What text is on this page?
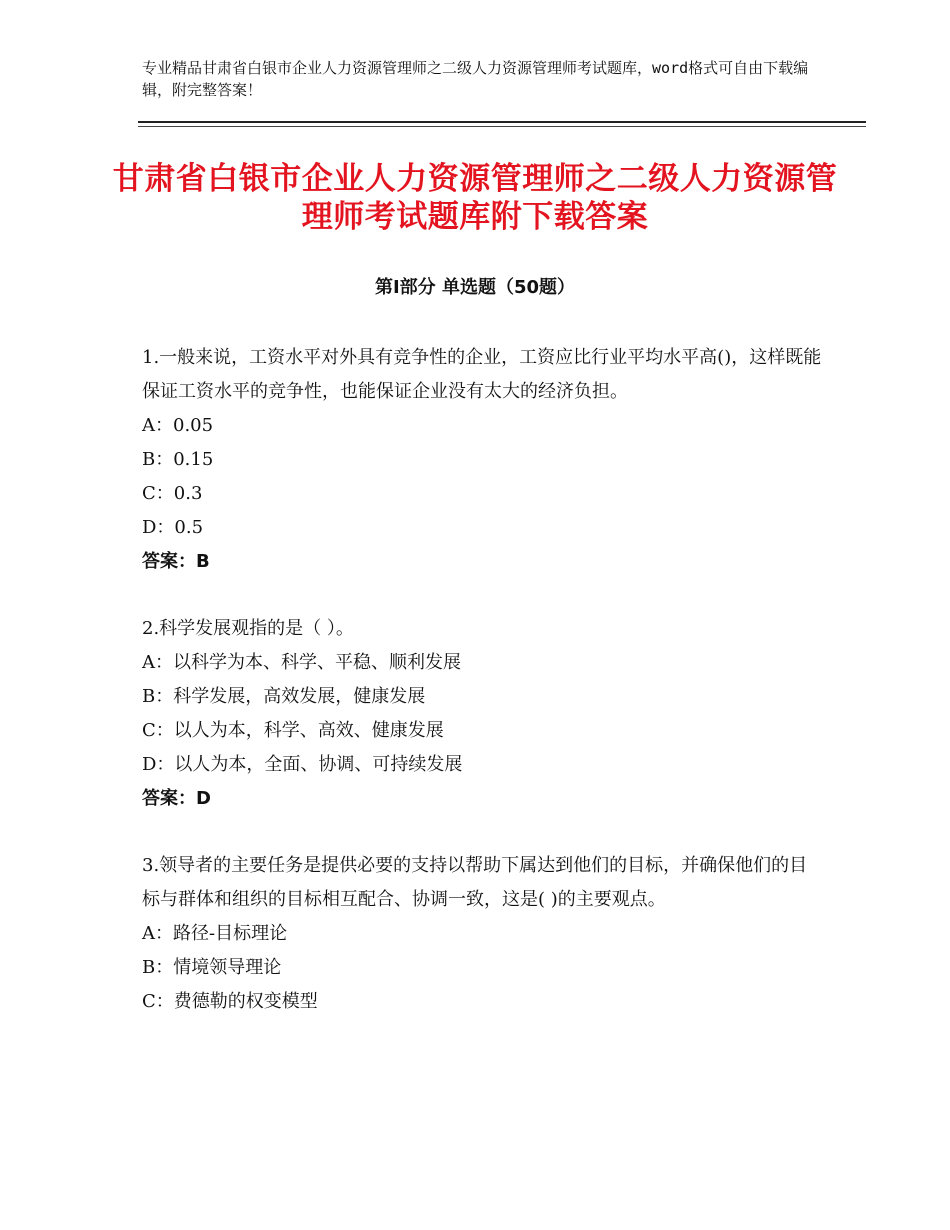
专业精品甘肃省白银市企业人力资源管理师之二级人力资源管理师考试题库，word格式可自由下载编辑，附完整答案！
甘肃省白银市企业人力资源管理师之二级人力资源管理师考试题库附下载答案
第Ⅰ部分 单选题（50题）

1.一般来说，工资水平对外具有竞争性的企业，工资应比行业平均水平高()，这样既能保证工资水平的竞争性，也能保证企业没有太大的经济负担。

A：0.05

B：0.15

C：0.3

D：0.5

答案：B

2.科学发展观指的是（ ）。

A：以科学为本、科学、平稳、顺利发展

B：科学发展，高效发展，健康发展

C：以人为本，科学、高效、健康发展

D：以人为本，全面、协调、可持续发展

答案：D

3.领导者的主要任务是提供必要的支持以帮助下属达到他们的目标，并确保他们的目标与群体和组织的目标相互配合、协调一致，这是( )的主要观点。

A：路径-目标理论

B：情境领导理论

C：费德勒的权变模型
